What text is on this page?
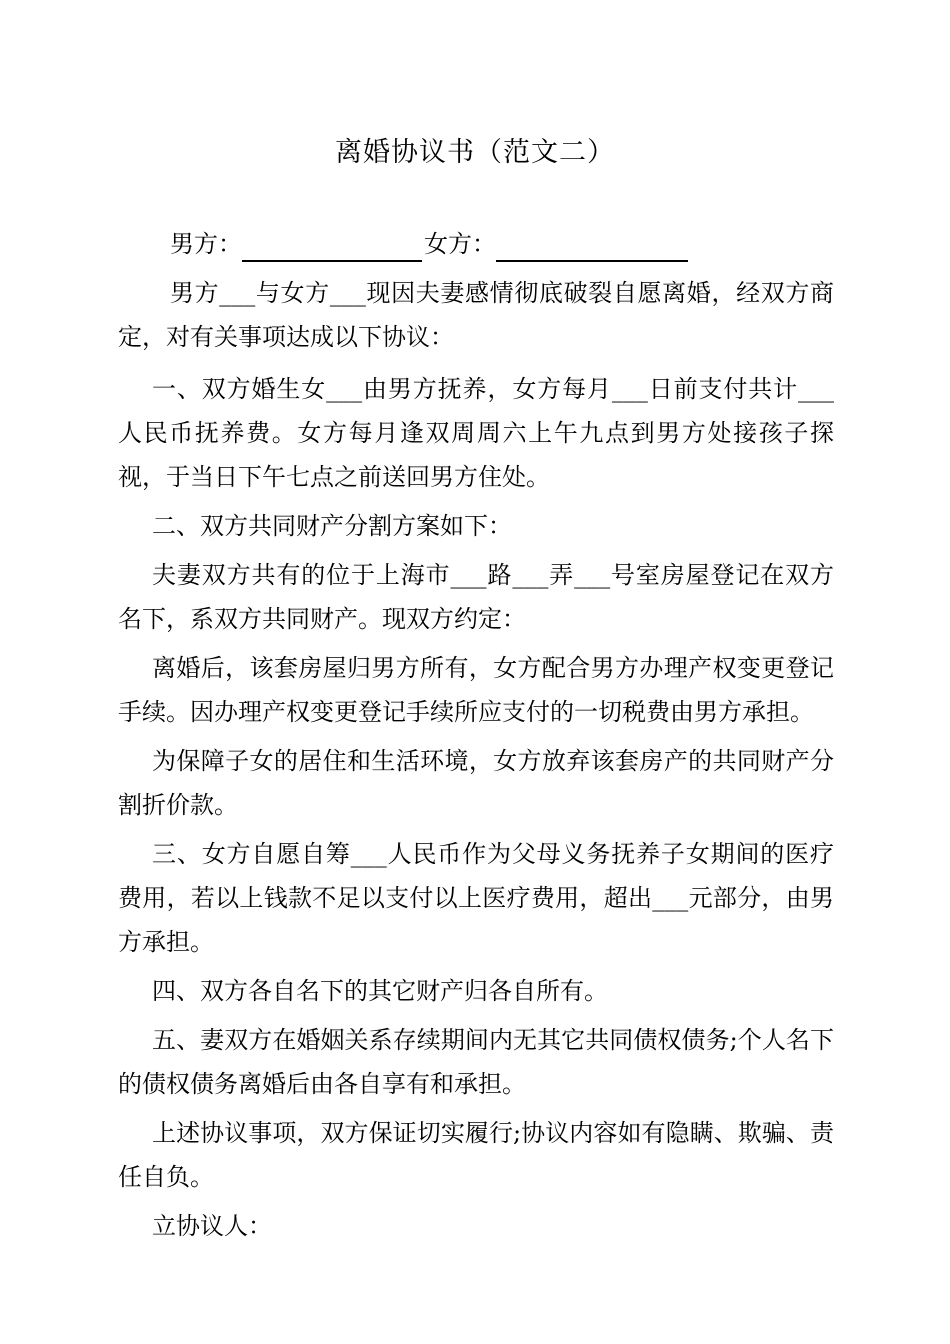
离婚协议书（范文二）
男方：	女方：

男方___与女方___现因夫妻感情彻底破裂自愿离婚，经双方商定，对有关事项达成以下协议：

一、双方婚生女___由男方抚养，女方每月___日前支付共计___人民币抚养费。女方每月逢双周周六上午九点到男方处接孩子探视，于当日下午七点之前送回男方住处。

二、双方共同财产分割方案如下：

夫妻双方共有的位于上海市___路___弄___号室房屋登记在双方名下，系双方共同财产。现双方约定：

离婚后，该套房屋归男方所有，女方配合男方办理产权变更登记手续。因办理产权变更登记手续所应支付的一切税费由男方承担。

为保障子女的居住和生活环境，女方放弃该套房产的共同财产分割折价款。

三、女方自愿自筹___人民币作为父母义务抚养子女期间的医疗费用，若以上钱款不足以支付以上医疗费用，超出___元部分，由男方承担。

四、双方各自名下的其它财产归各自所有。

五、妻双方在婚姻关系存续期间内无其它共同债权债务;个人名下的债权债务离婚后由各自享有和承担。

上述协议事项，双方保证切实履行;协议内容如有隐瞒、欺骗、责任自负。

立协议人：
